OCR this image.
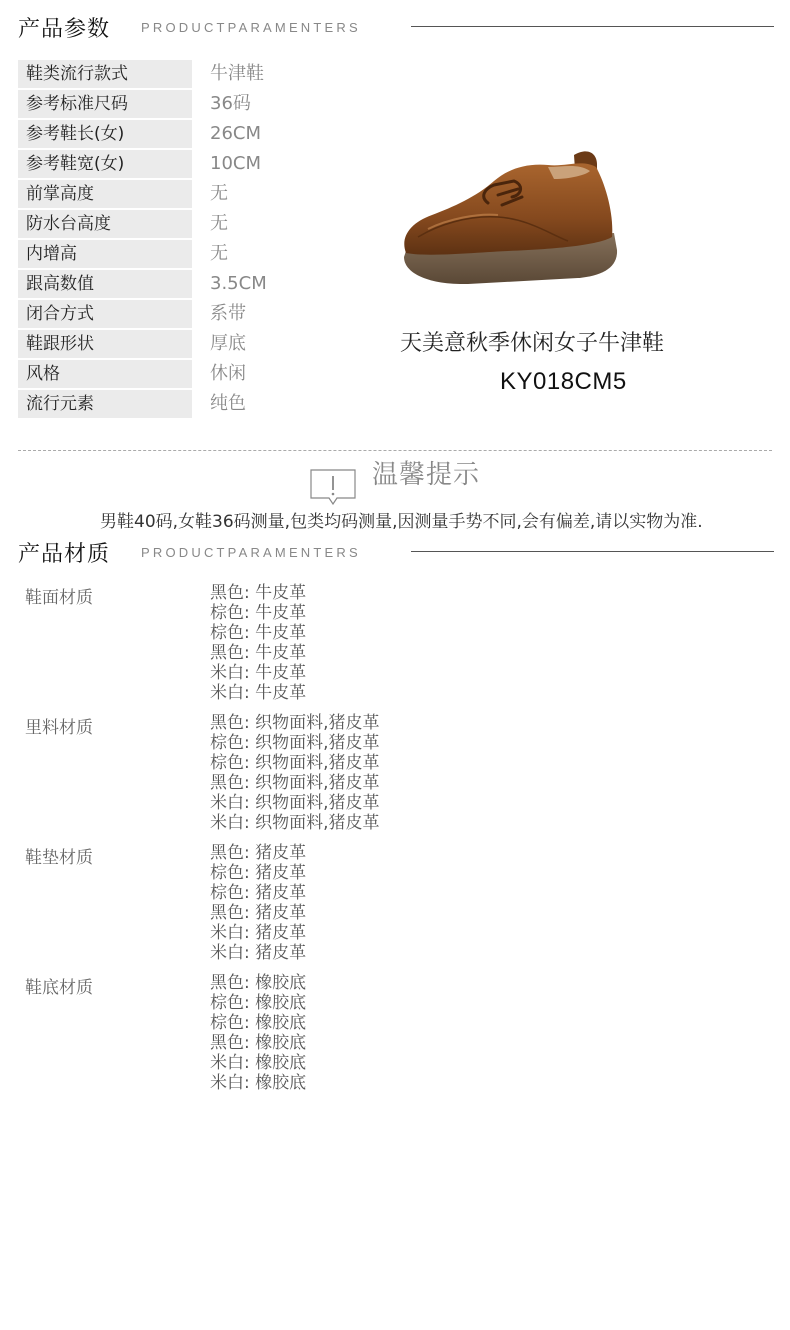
产品参数 PRODUCTPARAMENTERS
鞋类流行款式	牛津鞋
参考标准尺码	36码
参考鞋长(女)	26CM
参考鞋宽(女)	10CM
前掌高度	无
防水台高度	无
内增高	无
跟高数值	3.5CM
闭合方式	系带
鞋跟形状	厚底
风格	休闲
流行元素	纯色
天美意秋季休闲女子牛津鞋
KY018CM5
温馨提示
男鞋40码,女鞋36码测量,包类均码测量,因测量手势不同,会有偏差,请以实物为准.
产品材质 PRODUCTPARAMENTERS
鞋面材质	黑色: 牛皮革
棕色: 牛皮革
棕色: 牛皮革
黑色: 牛皮革
米白: 牛皮革
米白: 牛皮革
里料材质	黑色: 织物面料,猪皮革
棕色: 织物面料,猪皮革
棕色: 织物面料,猪皮革
黑色: 织物面料,猪皮革
米白: 织物面料,猪皮革
米白: 织物面料,猪皮革
鞋垫材质	黑色: 猪皮革
棕色: 猪皮革
棕色: 猪皮革
黑色: 猪皮革
米白: 猪皮革
米白: 猪皮革
鞋底材质	黑色: 橡胶底
棕色: 橡胶底
棕色: 橡胶底
黑色: 橡胶底
米白: 橡胶底
米白: 橡胶底
